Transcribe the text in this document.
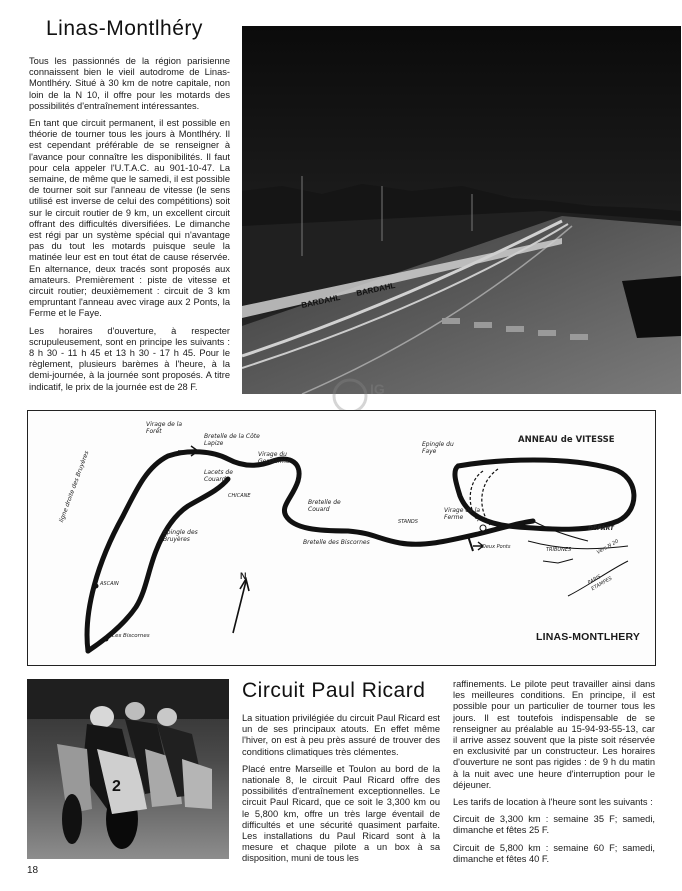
Linas-Montlhéry

Tous les passionnés de la région parisienne connaissent bien le vieil autodrome de Linas-Montlhéry. Situé à 30 km de notre capitale, non loin de la N 10, il offre pour les motards des possibilités d'entraînement intéressantes.

En tant que circuit permanent, il est possible en théorie de tourner tous les jours à Montlhéry. Il est cependant préférable de se renseigner à l'avance pour connaître les disponibilités. Il faut pour cela appeler l'U.T.A.C. au 901-10-47. La semaine, de même que le samedi, il est possible de tourner soit sur l'anneau de vitesse (le sens utilisé est inverse de celui des compétitions) soit sur le circuit routier de 9 km, un excellent circuit offrant des difficultés diversifiées. Le dimanche est régi par un système spécial qui n'avantage pas du tout les motards puisque seule la matinée leur est en tout état de cause réservée. En alternance, deux tracés sont proposés aux amateurs. Premièrement : piste de vitesse et circuit routier; deuxièmement : circuit de 3 km empruntant l'anneau avec virage aux 2 Ponts, la Ferme et le Faye.

Les horaires d'ouverture, à respecter scrupuleusement, sont en principe les suivants : 8 h 30 - 11 h 45 et 13 h 30 - 17 h 45. Pour le règlement, plusieurs barèmes à l'heure, à la demi-journée, à la journée sont proposés. A titre indicatif, le prix de la journée est de 28 F.

BARDAHL
BARDAHL
IG
ANNEAU de VITESSE
Virage de la Forêt
Bretelle de la Côte Lapize
Virage du Gendarme
Epingle du Faye
Lacets de Couard
CHICANE
Bretelle de Couard
ligne droite des Bruyères
Epingle des Bruyères	Bretelle des Biscornes
Virage de la Ferme
STANDS
Deux Ponts	TRIBUNES
DEPART
Vers N 20
PARIS ETAMPES
ASCAIN
Les Biscornes
N
LINAS-MONTLHERY
2
Circuit Paul Ricard

La situation privilégiée du circuit Paul Ricard est un de ses principaux atouts. En effet même l'hiver, on est à peu près assuré de trouver des conditions climatiques très clémentes.

Placé entre Marseille et Toulon au bord de la nationale 8, le circuit Paul Ricard offre des possibilités d'entraînement exceptionnelles. Le circuit Paul Ricard, que ce soit le 3,300 km ou le 5,800 km, offre un très large éventail de difficultés et une sécurité quasiment parfaite. Les installations du Paul Ricard sont à la mesure et chaque pilote a un box à sa disposition, muni de tous les

raffinements. Le pilote peut travailler ainsi dans les meilleures conditions. En principe, il est possible pour un particulier de tourner tous les jours. Il est toutefois indispensable de se renseigner au préalable au 15-94-93-55-13, car il arrive assez souvent que la piste soit réservée en exclusivité par un constructeur. Les horaires d'ouverture ne sont pas rigides : de 9 h du matin à la nuit avec une heure d'interruption pour le déjeuner.

Les tarifs de location à l'heure sont les suivants :

Circuit de 3,300 km : semaine 35 F; samedi, dimanche et fêtes 25 F.

Circuit de 5,800 km : semaine 60 F; samedi, dimanche et fêtes 40 F.

18
